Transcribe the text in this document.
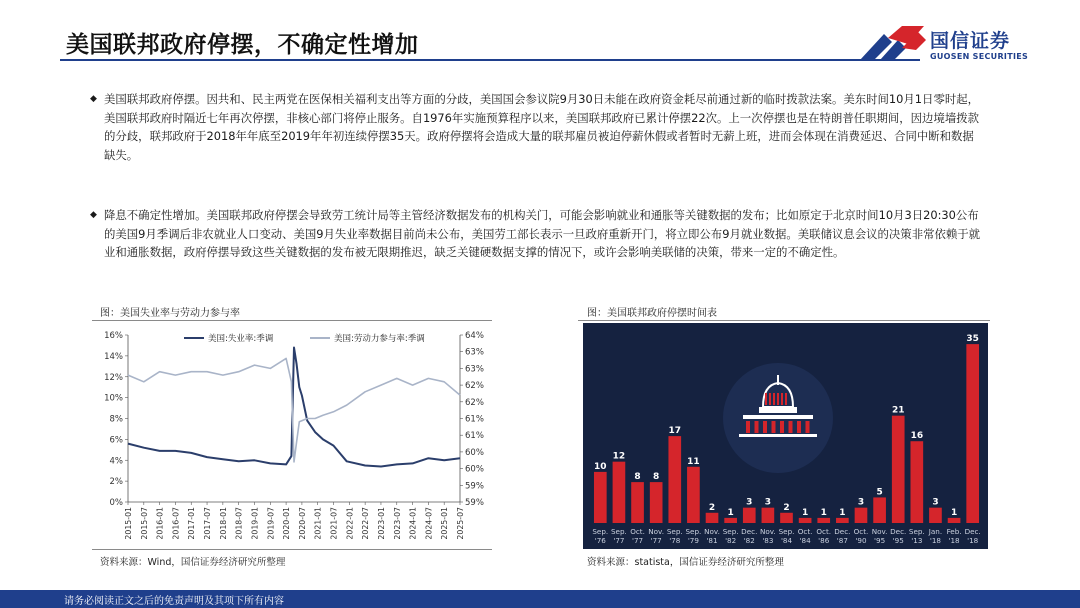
美国联邦政府停摆，不确定性增加	国信证券
GUOSEN SECURITIES
◆ 美国联邦政府停摆。因共和、民主两党在医保相关福利支出等方面的分歧，美国国会参议院9月30日未能在政府资金耗尽前通过新的临时拨款法案。美东时间10月1日零时起，美国联邦政府时隔近七年再次停摆，非核心部门将停止服务。自1976年实施预算程序以来，美国联邦政府已累计停摆22次。上一次停摆也是在特朗普任职期间，因边境墙拨款的分歧，联邦政府于2018年年底至2019年年初连续停摆35天。政府停摆将会造成大量的联邦雇员被迫停薪休假或者暂时无薪上班，进而会体现在消费延迟、合同中断和数据缺失。
◆ 降息不确定性增加。美国联邦政府停摆会导致劳工统计局等主管经济数据发布的机构关门，可能会影响就业和通胀等关键数据的发布；比如原定于北京时间10月3日20:30公布的美国9月季调后非农就业人口变动、美国9月失业率数据目前尚未公布，美国劳工部长表示一旦政府重新开门，将立即公布9月就业数据。美联储议息会议的决策非常依赖于就业和通胀数据，政府停摆导致这些关键数据的发布被无限期推迟，缺乏关键硬数据支撑的情况下，或许会影响美联储的决策，带来一定的不确定性。
图：美国失业率与劳动力参与率
0%
2%
4%
6%
8%
10%
12%
14%
16%
59%
59%
60%
60%
61%
61%
62%
62%
63%
63%
64%
2015-01 2015-07 2016-01 2016-07 2017-01 2017-07 2018-01 2018-07 2019-01 2019-07 2020-01 2020-07 2021-01 2021-07 2022-01 2022-07 2023-01 2023-07 2024-01 2024-07 2025-01 2025-07
美国:失业率:季调	美国:劳动力参与率:季调
资料来源：Wind，国信证券经济研究所整理
图：美国联邦政府停摆时间表
10
Sep.
'76
12
Sep.
'77
8
Oct.
'77
8
Nov.
'77
17
Sep.
'78
11
Sep.
'79
2
Nov.
'81
1
Sep.
'82
3
Dec.
'82
3
Nov.
'83
2
Sep.
'84
1
Oct.
'84
1
Oct.
'86
1
Dec.
'87
3
Oct.
'90
5
Nov.
'95
21
Dec.
'95
16
Sep.
'13
3
Jan.
'18
1
Feb.
'18
35
Dec.
'18
资料来源：statista，国信证券经济研究所整理
请务必阅读正文之后的免责声明及其项下所有内容
